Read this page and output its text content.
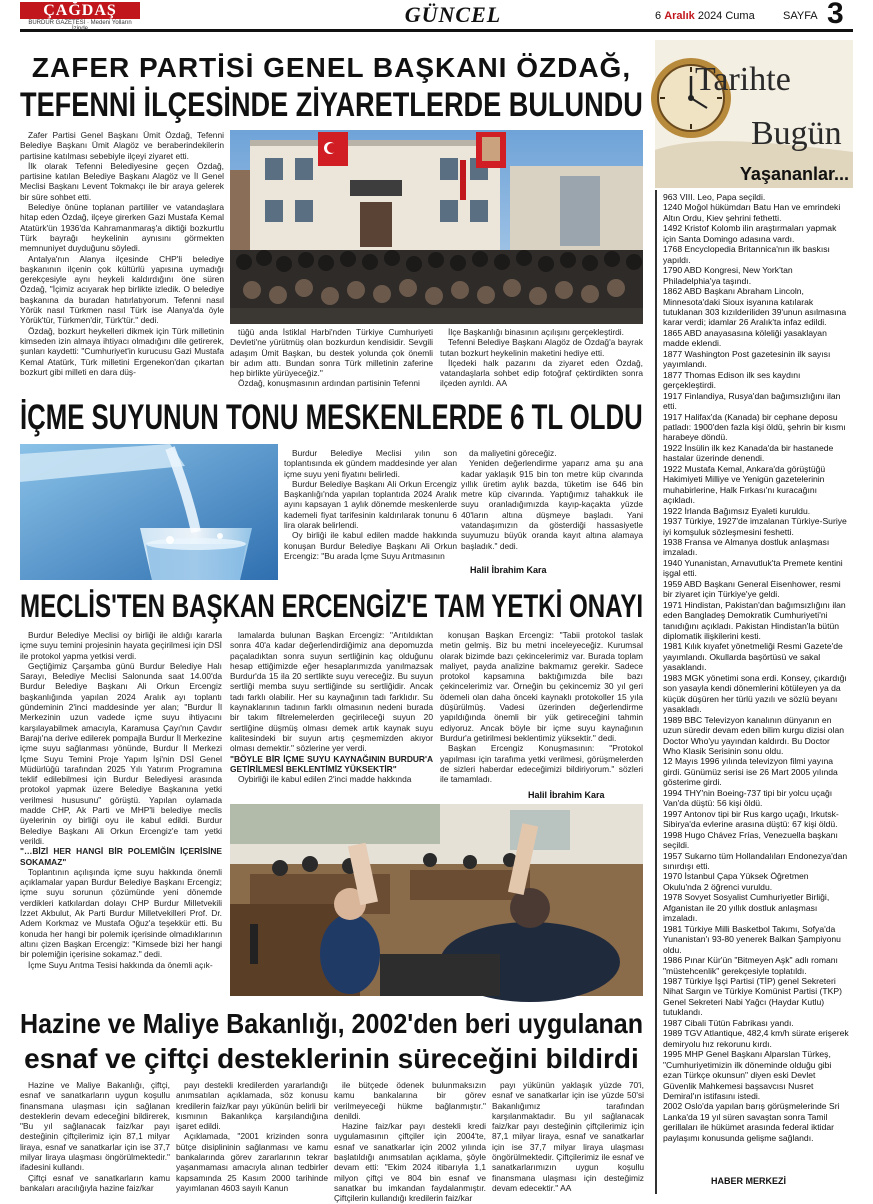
ÇAĞDAŞ
BURDUR GAZETESİ · Medeni Yolların İzinde
GÜNCEL	6 Aralık 2024 Cuma	SAYFA 3
ZAFER PARTİSİ GENEL BAŞKANI ÖZDAĞ,
TEFENNİ İLÇESİNDE ZİYARETLERDE BULUNDU

Zafer Partisi Genel Başkanı Ümit Özdağ, Tefenni Belediye Başkanı Ümit Alagöz ve beraberindekilerin partisine katılması sebebiyle ilçeyi ziyaret etti.

İlk olarak Tefenni Belediyesine geçen Özdağ, partisine katılan Belediye Başkanı Alagöz ve İl Genel Meclisi Başkanı Levent Tokmakçı ile bir araya gelerek bir süre sohbet etti.

Belediye önüne toplanan partililer ve vatandaşlara hitap eden Özdağ, ilçeye girerken Gazi Mustafa Kemal Atatürk'ün 1936'da Kahramanmaraş'a diktiği bozkurtlu Türk bayrağı heykelinin aynısını görmekten memnuniyet duyduğunu söyledi.

Antalya'nın Alanya ilçesinde CHP'li belediye başkanının ilçenin çok kültürlü yapısına uymadığı gerekçesiyle aynı heykeli kaldırdığını öne süren Özdağ, "İçimiz acıyarak hep birlikte izledik. O belediye başkanına da buradan hatırlatıyorum. Tefenni nasıl Yörük nasıl Türkmen nasıl Türk ise Alanya'da öyle Yörük'tür, Türkmen'dir, Türk'tür." dedi.

Özdağ, bozkurt heykelleri dikmek için Türk milletinin kimseden izin almaya ihtiyacı olmadığını dile getirerek, şunları kaydetti: "Cumhuriyet'in kurucusu Gazi Mustafa Kemal Atatürk, Türk milletini Ergenekon'dan çıkartan bozkurt gibi milleti en dara düş-

tüğü anda İstiklal Harbi'nden Türkiye Cumhuriyeti Devleti'ne yürütmüş olan bozkurdun kendisidir. Sevgili adaşım Ümit Başkan, bu destek yolunda çok önemli bir adım attı. Bundan sonra Türk milletinin zaferine hep birlikte yürüyeceğiz."

Özdağ, konuşmasının ardından partisinin Tefenni

İlçe Başkanlığı binasının açılışını gerçekleştirdi.

Tefenni Belediye Başkanı Alagöz de Özdağ'a bayrak tutan bozkurt heykelinin maketini hediye etti.

İlçedeki halk pazarını da ziyaret eden Özdağ, vatandaşlarla sohbet edip fotoğraf çektirdikten sonra ilçeden ayrıldı. AA

İÇME SUYUNUN TONU MESKENLERDE 6 TL OLDU

Burdur Belediye Meclisi yılın son toplantısında ek gündem maddesinde yer alan içme suyu yeni fiyatını belirledi.

Burdur Belediye Başkanı Ali Orkun Ercengiz Başkanlığı'nda yapılan toplantıda 2024 Aralık ayını kapsayan 1 aylık dönemde meskenlerde kademeli fiyat tarifesinin kaldırılarak tonunu 6 lira olarak belirlendi.

Oy birliği ile kabul edilen madde hakkında konuşan Burdur Belediye Başkanı Ali Orkun Ercengiz: "Bu arada İçme Suyu Arıtmasının

da maliyetini göreceğiz.

Yeniden değerlendirme yaparız ama şu ana kadar yaklaşık 915 bin ton metre küp civarında yıllık üretim aylık bazda, tüketim ise 646 bin metre küp civarında. Yaptığımız tahakkuk ile suyu oranladığımızda kayıp-kaçakta yüzde 40'ların altına düşmeye başladı. Yani vatandaşımızın da gösterdiği hassasiyetle suyumuzu büyük oranda kayıt altına alamaya başladık." dedi.

Halil İbrahim Kara
MECLİS'TEN BAŞKAN ERCENGİZ'E TAM YETKİ ONAYI

Burdur Belediye Meclisi oy birliği ile aldığı kararla içme suyu temini projesinin hayata geçirilmesi için DSİ ile protokol yapma yetkisi verdi.

Geçtiğimiz Çarşamba günü Burdur Belediye Halı Sarayı, Belediye Meclisi Salonunda saat 14.00'da Burdur Belediye Başkanı Ali Orkun Ercengiz başkanlığında yapılan 2024 Aralık ayı toplantı gündeminin 2'inci maddesinde yer alan; "Burdur İl Merkezinin uzun vadede içme suyu ihtiyacını karşılayabilmek amacıyla, Karamusa Çayı'nın Çavdır Barajı'na derive edilerek pompajla Burdur İl Merkezine içme suyu sağlanması yönünde, Burdur İl Merkezi İçme Suyu Temini Proje Yapım İşi'nin DSİ Genel Müdürlüğü tarafından 2025 Yılı Yatırım Programına teklif edilebilmesi için Burdur Belediyesi arasında protokol yapmak üzere Belediye Başkanına yetki verilmesi hususunu" görüştü. Yapılan oylamada madde CHP, Ak Parti ve MHP'li belediye meclis üyelerinin oy birliği oyu ile kabul edildi. Burdur Belediye Başkanı Ali Orkun Ercengiz'e tam yetki verildi.

"…BİZİ HER HANGİ BİR POLEMİĞİN İÇERİSİNE SOKAMAZ"

Toplantının açılışında içme suyu hakkında önemli açıklamalar yapan Burdur Belediye Başkanı Ercengiz; içme suyu sorunun çözümünde yeni dönemde verdikleri katkılardan dolayı CHP Burdur Milletvekili İzzet Akbulut, Ak Parti Burdur Milletvekilleri Prof. Dr. Adem Korkmaz ve Mustafa Oğuz'a teşekkür etti. Bu konuda her hangi bir polemik içerisinde olmadıklarının altını çizen Başkan Ercengiz: "Kimsede bizi her hangi bir polemiğin içerisine sokamaz." dedi.

İçme Suyu Arıtma Tesisi hakkında da önemli açık-

lamalarda bulunan Başkan Ercengiz: "Arıtıldıktan sonra 40'a kadar değerlendirdiğimiz ana depomuzda paçaladıktan sonra suyun sertliğinin kaç olduğunu hesap ettiğimizde eğer hesaplarımızda yanılmazsak Burdur'da 15 ila 20 sertlikte suyu vereceğiz. Bu suyun sertliği memba suyu sertliğinde su sertliğidir. Ancak tadı farklı olabilir. Her su kaynağının tadı farklıdır. Su kaynaklarının tadının farklı olmasının nedeni burada bir takım filtrelemelerden geçirileceği suyun 20 sertliğine düşmüş olması demek artık kaynak suyu kalitesindeki bir suyun artış çeşmemizden akıyor olması demektir." sözlerine yer verdi.

"BÖYLE BİR İÇME SUYU KAYNAĞININ BURDUR'A GETİRİLMESİ BEKLENTİMİZ YÜKSEKTİR"

Oybirliği ile kabul edilen 2'inci madde hakkında

konuşan Başkan Ercengiz: "Tabii protokol taslak metin gelmiş. Biz bu metni inceleyeceğiz. Kurumsal olarak bizimde bazı çekincelerimiz var. Burada toplam maliyet, payda analizine bakmamız gerekir. Sadece protokol kapsamına baktığımızda bile bazı çekincelerimiz var. Örneğin bu çekincemiz 30 yıl geri ödemeli olan daha önceki kaynaklı protokoller 15 yıla düşürülmüş. Vadesi üzerinden değerlendirme yapıldığında önemli bir yük getireceğini tahmin ediyoruz. Ancak böyle bir içme suyu kaynağının Burdur'a getirilmesi beklentimiz yüksektir." dedi.

Başkan Ercengiz Konuşmasının: "Protokol yapılması için tarafıma yetki verilmesi, görüşmelerden de sizleri haberdar edeceğimizi bildiriyorum." sözleri ile tamamladı.

Halil İbrahim Kara
Hazine ve Maliye Bakanlığı, 2002'den beri uygulanan
esnaf ve çiftçi desteklerinin süreceğini bildirdi

Hazine ve Maliye Bakanlığı, çiftçi, esnaf ve sanatkarların uygun koşullu finansmana ulaşması için sağlanan desteklerin devam edeceğini bildirerek, "Bu yıl sağlanacak faiz/kar payı desteğinin çiftçilerimiz için 87,1 milyar liraya, esnaf ve sanatkarlar için ise 37,7 milyar liraya ulaşması öngörülmektedir." ifadesini kullandı.

Çiftçi esnaf ve sanatkarların kamu bankaları aracılığıyla hazine faiz/kar

payı destekli kredilerden yararlandığı anımsatılan açıklamada, söz konusu kredilerin faiz/kar payı yükünün belirli bir kısmının Bakanlıkça karşılandığına işaret edildi.

Açıklamada, "2001 krizinden sonra bütçe disiplininin sağlanması ve kamu bankalarında görev zararlarının tekrar yaşanmaması amacıyla alınan tedbirler kapsamında 25 Kasım 2000 tarihinde yayımlanan 4603 sayılı Kanun

ile bütçede ödenek bulunmaksızın kamu bankalarına bir görev verilmeyeceği hükme bağlanmıştır." denildi.

Hazine faiz/kar payı destekli kredi uygulamasının çiftçiler için 2004'te, esnaf ve sanatkarlar için 2002 yılında başlatıldığı anımsatılan açıklama, şöyle devam etti: "Ekim 2024 itibarıyla 1,1 milyon çiftçi ve 804 bin esnaf ve sanatkar bu imkandan faydalanmıştır. Çiftçilerin kullandığı kredilerin faiz/kar

payı yükünün yaklaşık yüzde 70'i, esnaf ve sanatkarlar için ise yüzde 50'si Bakanlığımız tarafından karşılanmaktadır. Bu yıl sağlanacak faiz/kar payı desteğinin çiftçilerimiz için 87,1 milyar liraya, esnaf ve sanatkarlar için ise 37,7 milyar liraya ulaşması öngörülmektedir. Çiftçilerimiz ile esnaf ve sanatkarlarımızın uygun koşullu finansmana ulaşması için desteğimiz devam edecektir." AA

Tarihte
Bugün
Yaşananlar...

963 VIII. Leo, Papa seçildi.

1240 Moğol hükümdarı Batu Han ve emrindeki Altın Ordu, Kiev şehrini fethetti.

1492 Kristof Kolomb ilin araştırmaları yapmak için Santa Domingo adasına vardı.

1768 Encyclopedia Britannica'nın ilk baskısı yapıldı.

1790 ABD Kongresi, New York'tan Philadelphia'ya taşındı.

1862 ABD Başkanı Abraham Lincoln, Minnesota'daki Sioux isyanına katılarak tutuklanan 303 kızılderiliden 39'unun asılmasına karar verdi; idamlar 26 Aralık'ta infaz edildi.

1865 ABD anayasasına köleliği yasaklayan madde eklendi.

1877 Washington Post gazetesinin ilk sayısı yayımlandı.

1877 Thomas Edison ilk ses kaydını gerçekleştirdi.

1917 Finlandiya, Rusya'dan bağımsızlığını ilan etti.

1917 Halifax'da (Kanada) bir cephane deposu patladı: 1900'den fazla kişi öldü, şehrin bir kısmı harabeye döndü.

1922 İnsülin ilk kez Kanada'da bir hastanede hastalar üzerinde denendi.

1922 Mustafa Kemal, Ankara'da görüştüğü Hakimiyeti Milliye ve Yenigün gazetelerinin muhabirlerine, Halk Fırkası'nı kuracağını açıkladı.

1922 İrlanda Bağımsız Eyaleti kuruldu.

1937 Türkiye, 1927'de imzalanan Türkiye-Suriye iyi komşuluk sözleşmesini feshetti.

1938 Fransa ve Almanya dostluk anlaşması imzaladı.

1940 Yunanistan, Arnavutluk'ta Premete kentini işgal etti.

1959 ABD Başkanı General Eisenhower, resmi bir ziyaret için Türkiye'ye geldi.

1971 Hindistan, Pakistan'dan bağımsızlığını ilan eden Bangladeş Demokratik Cumhuriyeti'ni tanıdığını açıkladı. Pakistan Hindistan'la bütün diplomatik ilişkilerini kesti.

1981 Kılık kıyafet yönetmeliği Resmi Gazete'de yayımlandı. Okullarda başörtüsü ve sakal yasaklandı.

1983 MGK yönetimi sona erdi. Konsey, çıkardığı son yasayla kendi dönemlerini kötüleyen ya da küçük düşüren her türlü yazılı ve sözlü beyanı yasakladı.

1989 BBC Televizyon kanalının dünyanın en uzun süredir devam eden bilim kurgu dizisi olan Doctor Who'yu yayından kaldırdı. Bu Doctor Who Klasik Serisinin sonu oldu.

12 Mayıs 1996 yılında televizyon filmi yayına girdi. Günümüz serisi ise 26 Mart 2005 yılında gösterime girdi.

1994 THY'nin Boeing-737 tipi bir yolcu uçağı Van'da düştü: 56 kişi öldü.

1997 Antonov tipi bir Rus kargo uçağı, Irkutsk-Sibirya'da evlerine arasına düştü: 67 kişi öldü.

1998 Hugo Chávez Frías, Venezuella başkanı seçildi.

1957 Sukarno tüm Hollandalıları Endonezya'dan sınırdışı etti.

1970 İstanbul Çapa Yüksek Öğretmen Okulu'nda 2 öğrenci vuruldu.

1978 Sovyet Sosyalist Cumhuriyetler Birliği, Afganistan ile 20 yıllık dostluk anlaşması imzaladı.

1981 Türkiye Milli Basketbol Takımı, Sofya'da Yunanistan'ı 93-80 yenerek Balkan Şampiyonu oldu.

1986 Pınar Kür'ün "Bitmeyen Aşk" adlı romanı "müstehcenlik" gerekçesiyle toplatıldı.

1987 Türkiye İşçi Partisi (TİP) genel Sekreteri Nihat Sargın ve Türkiye Komünist Partisi (TKP) Genel Sekreteri Nabi Yağcı (Haydar Kutlu) tutuklandı.

1987 Cibali Tütün Fabrikası yandı.

1989 TGV Atlantique, 482,4 km/h sürate erişerek demiryolu hız rekorunu kırdı.

1995 MHP Genel Başkanı Alparslan Türkeş, "Cumhuriyetimizin ilk döneminde olduğu gibi ezan Türkçe okunsun" diyen eski Devlet Güvenlik Mahkemesi başsavcısı Nusret Demiral'ın istifasını istedi.

2002 Oslo'da yapılan barış görüşmelerinde Sri Lanka'da 19 yıl süren savaştan sonra Tamil gerillaları ile hükümet arasında federal iktidar paylaşımı konusunda gelişme sağlandı.

HABER MERKEZİ
